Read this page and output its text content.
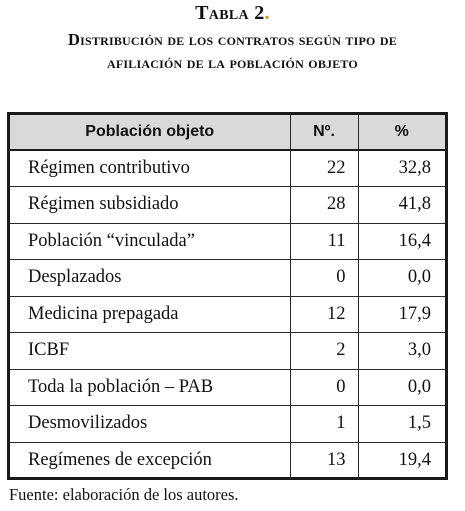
Tabla 2.
Distribución de los contratos según tipo de
afiliación de la población objeto
Población objeto	Nº.	%
Régimen contributivo	22	32,8
Régimen subsidiado	28	41,8
Población “vinculada”	11	16,4
Desplazados	0	0,0
Medicina prepagada	12	17,9
ICBF	2	3,0
Toda la población – PAB	0	0,0
Desmovilizados	1	1,5
Regímenes de excepción	13	19,4
Fuente: elaboración de los autores.
